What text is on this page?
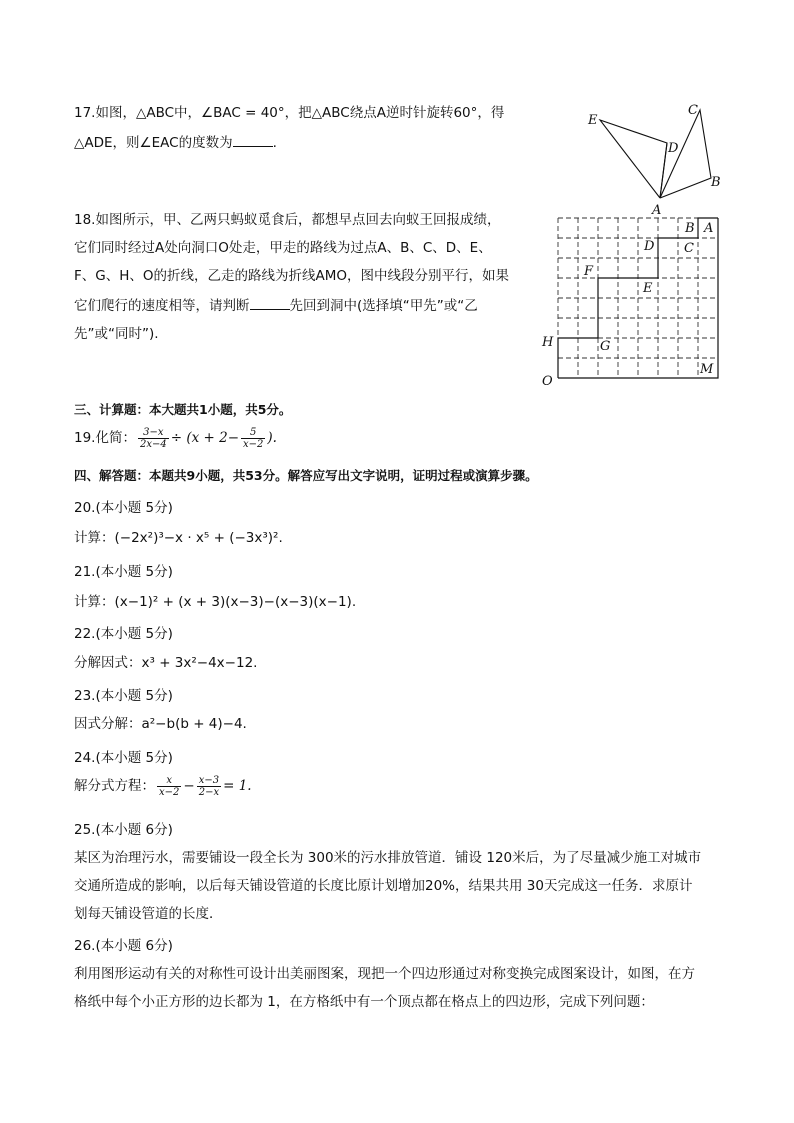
17.如图，△ABC中，∠BAC = 40°，把△ABC绕点A逆时针旋转60°，得
△ADE，则∠EAC的度数为	.
E
C
D
B
A
18.如图所示，甲、乙两只蚂蚁觅食后，都想早点回去向蚁王回报成绩，
它们同时经过A处向洞口O处走，甲走的路线为过点A、B、C、D、E、
F、G、H、O的折线，乙走的路线为折线AMO，图中线段分别平行，如果
它们爬行的速度相等，请判断	先回到洞中(选择填“甲先”或“乙
先”或“同时”).
B A
D C
F
E
H	G
O
M
三、计算题：本大题共1小题，共5分。
19.化简： $\frac{3-x}{2x-4} \div (x + 2- \frac{5}{x-2}$ ).
四、解答题：本题共9小题，共53分。解答应写出文字说明，证明过程或演算步骤。
20.(本小题 5分)
计算：(−2x²)³−x · x⁵ + (−3x³)².
21.(本小题 5分)
计算：(x−1)² + (x + 3)(x−3)−(x−3)(x−1).
22.(本小题 5分)
分解因式：x³ + 3x²−4x−12.
23.(本小题 5分)
因式分解：a²−b(b + 4)−4.
24.(本小题 5分)
解分式方程： $\frac{x}{x-2} - \frac{x-3}{2-x} = 1$.
25.(本小题 6分)
某区为治理污水，需要铺设一段全长为 300米的污水排放管道．铺设 120米后，为了尽量减少施工对城市
交通所造成的影响，以后每天铺设管道的长度比原计划增加20%，结果共用 30天完成这一任务．求原计
划每天铺设管道的长度．
26.(本小题 6分)
利用图形运动有关的对称性可设计出美丽图案，现把一个四边形通过对称变换完成图案设计，如图，在方
格纸中每个小正方形的边长都为 1，在方格纸中有一个顶点都在格点上的四边形，完成下列问题：
